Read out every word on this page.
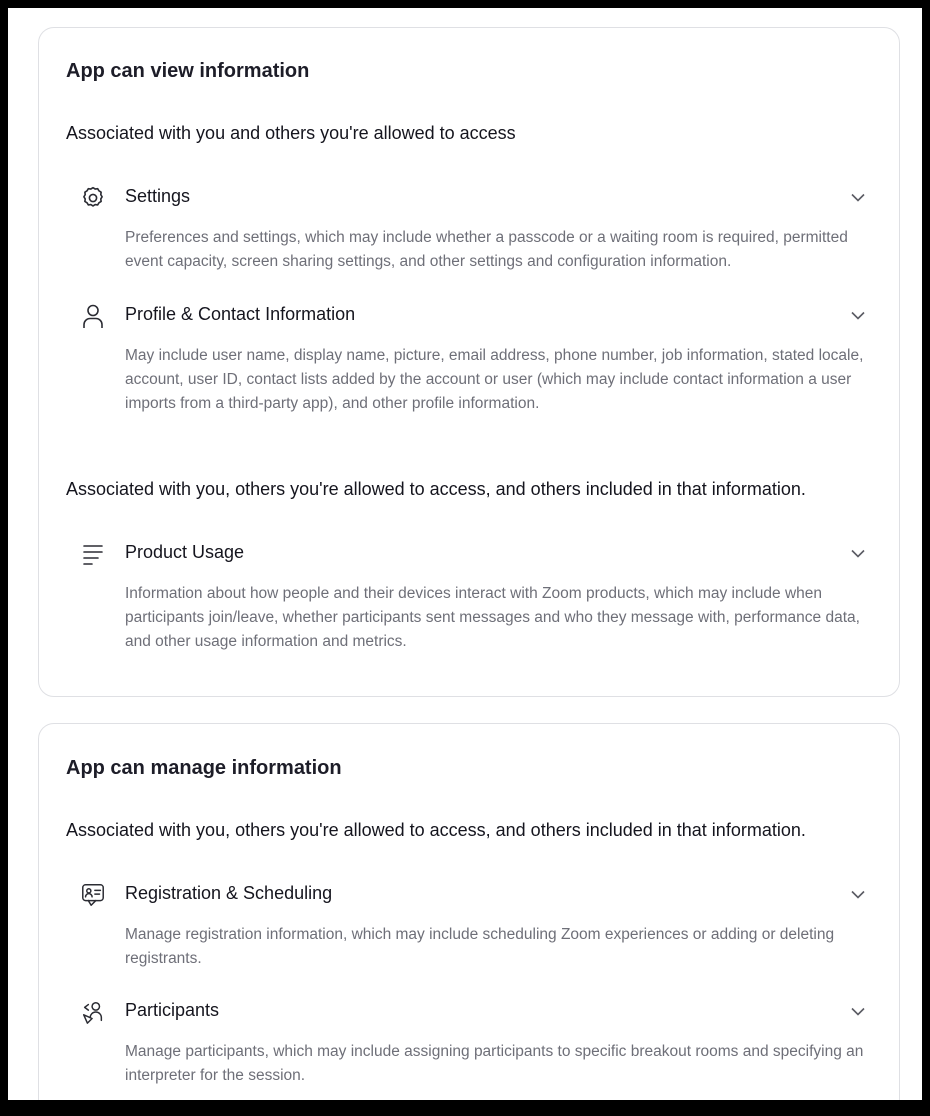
App can view information

Associated with you and others you're allowed to access

Settings

Preferences and settings, which may include whether a passcode or a waiting room is required, permitted event capacity, screen sharing settings, and other settings and configuration information.

Profile & Contact Information

May include user name, display name, picture, email address, phone number, job information, stated locale, account, user ID, contact lists added by the account or user (which may include contact information a user imports from a third-party app), and other profile information.

Associated with you, others you're allowed to access, and others included in that information.

Product Usage

Information about how people and their devices interact with Zoom products, which may include when participants join/leave, whether participants sent messages and who they message with, performance data, and other usage information and metrics.

App can manage information

Associated with you, others you're allowed to access, and others included in that information.

Registration & Scheduling

Manage registration information, which may include scheduling Zoom experiences or adding or deleting registrants.

Participants

Manage participants, which may include assigning participants to specific breakout rooms and specifying an interpreter for the session.
